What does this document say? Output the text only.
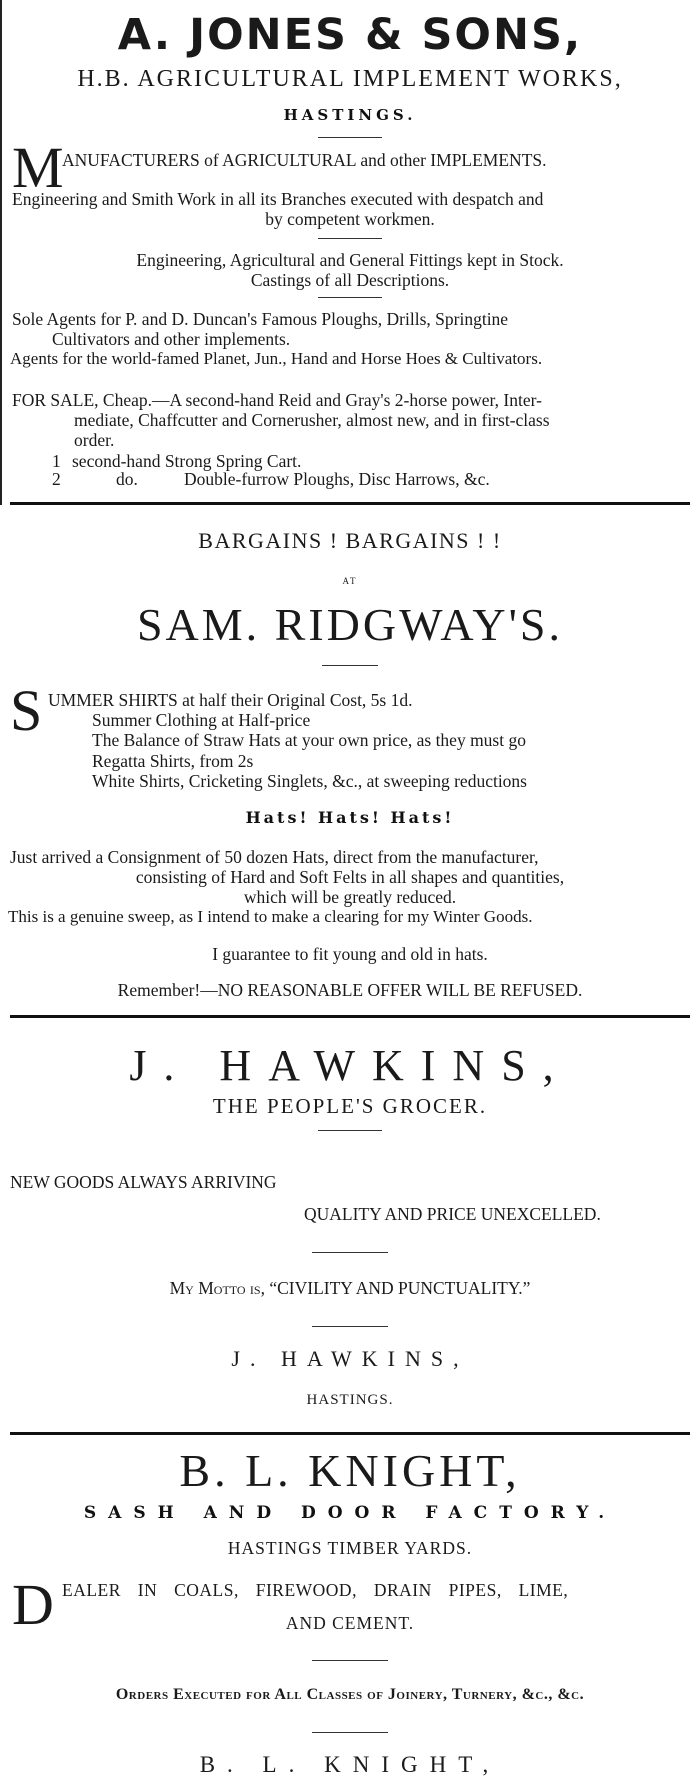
A. JONES & SONS,
H.B. AGRICULTURAL IMPLEMENT WORKS,
HASTINGS.
M
ANUFACTURERS of AGRICULTURAL and other IMPLEMENTS.
Engineering and Smith Work in all its Branches executed with despatch and
by competent workmen.
Engineering, Agricultural and General Fittings kept in Stock.
Castings of all Descriptions.
Sole Agents for P. and D. Duncan's Famous Ploughs, Drills, Springtine
Cultivators and other implements.
Agents for the world-famed Planet, Jun., Hand and Horse Hoes & Cultivators.
FOR SALE, Cheap.—A second-hand Reid and Gray's 2-horse power, Inter-
mediate, Chaffcutter and Cornerusher, almost new, and in first-class
order.
1 second-hand Strong Spring Cart.
2	do.	Double-furrow Ploughs, Disc Harrows, &c.
BARGAINS ! BARGAINS ! !
AT
SAM. RIDGWAY'S.
S UMMER SHIRTS at half their Original Cost, 5s 1d.
Summer Clothing at Half-price
The Balance of Straw Hats at your own price, as they must go
Regatta Shirts, from 2s
White Shirts, Cricketing Singlets, &c., at sweeping reductions
Hats! Hats! Hats!
Just arrived a Consignment of 50 dozen Hats, direct from the manufacturer,
consisting of Hard and Soft Felts in all shapes and quantities,
which will be greatly reduced.
This is a genuine sweep, as I intend to make a clearing for my Winter Goods.
I guarantee to fit young and old in hats.
Remember!—NO REASONABLE OFFER WILL BE REFUSED.
J. HAWKINS,
THE PEOPLE'S GROCER.
NEW GOODS ALWAYS ARRIVING
QUALITY AND PRICE UNEXCELLED.
My Motto is, “CIVILITY AND PUNCTUALITY.”
J. HAWKINS,
HASTINGS.
B. L. KNIGHT,
SASH AND DOOR FACTORY.
HASTINGS TIMBER YARDS.
D EALER IN COALS, FIREWOOD, DRAIN PIPES, LIME,
AND CEMENT.
Orders Executed for All Classes of Joinery, Turnery, &c., &c.
B. L. KNIGHT,
